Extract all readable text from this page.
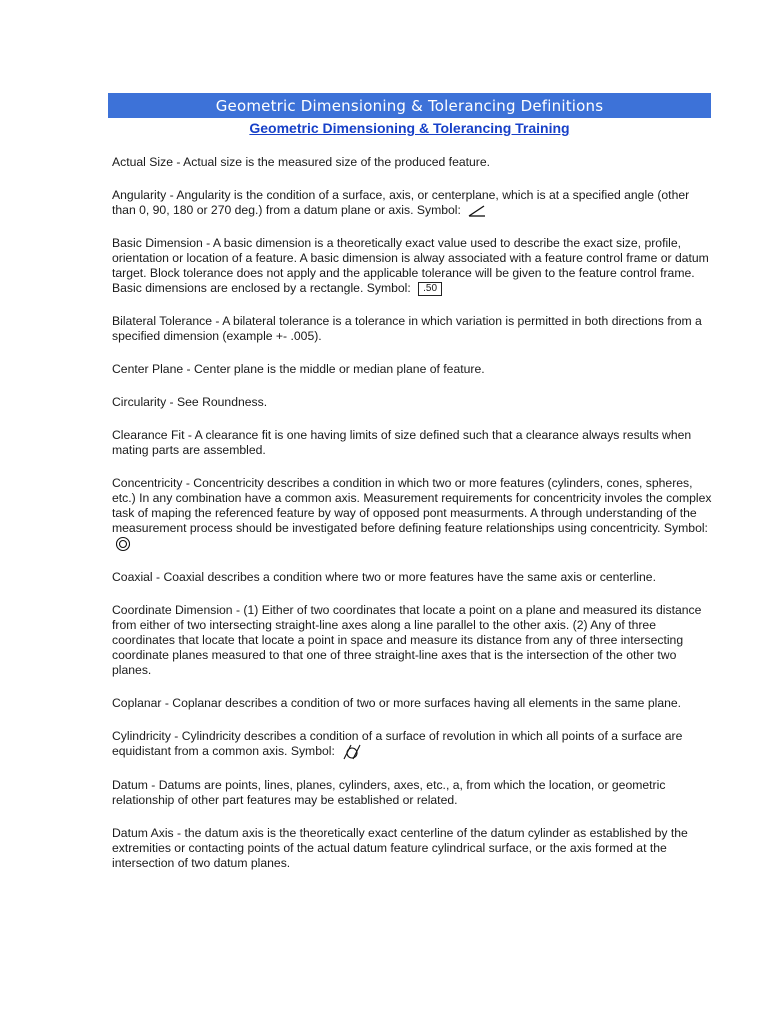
Geometric Dimensioning & Tolerancing Definitions
Geometric Dimensioning & Tolerancing Training

Actual Size - Actual size is the measured size of the produced feature.

Angularity - Angularity is the condition of a surface, axis, or centerplane, which is at a specified angle (other than 0, 90, 180 or 270 deg.) from a datum plane or axis. Symbol:

Basic Dimension - A basic dimension is a theoretically exact value used to describe the exact size, profile, orientation or location of a feature. A basic dimension is alway associated with a feature control frame or datum target. Block tolerance does not apply and the applicable tolerance will be given to the feature control frame. Basic dimensions are enclosed by a rectangle. Symbol: .50

Bilateral Tolerance - A bilateral tolerance is a tolerance in which variation is permitted in both directions from a specified dimension (example +- .005).

Center Plane - Center plane is the middle or median plane of feature.

Circularity - See Roundness.

Clearance Fit - A clearance fit is one having limits of size defined such that a clearance always results when mating parts are assembled.

Concentricity - Concentricity describes a condition in which two or more features (cylinders, cones, spheres, etc.) In any combination have a common axis. Measurement requirements for concentricity involes the complex task of maping the referenced feature by way of opposed pont measurments. A through understanding of the measurement process should be investigated before defining feature relationships using concentricity. Symbol:

Coaxial - Coaxial describes a condition where two or more features have the same axis or centerline.

Coordinate Dimension - (1) Either of two coordinates that locate a point on a plane and measured its distance from either of two intersecting straight-line axes along a line parallel to the other axis. (2) Any of three coordinates that locate that locate a point in space and measure its distance from any of three intersecting coordinate planes measured to that one of three straight-line axes that is the intersection of the other two planes.

Coplanar - Coplanar describes a condition of two or more surfaces having all elements in the same plane.

Cylindricity - Cylindricity describes a condition of a surface of revolution in which all points of a surface are equidistant from a common axis. Symbol:

Datum - Datums are points, lines, planes, cylinders, axes, etc., a, from which the location, or geometric relationship of other part features may be established or related.

Datum Axis - the datum axis is the theoretically exact centerline of the datum cylinder as established by the extremities or contacting points of the actual datum feature cylindrical surface, or the axis formed at the intersection of two datum planes.
